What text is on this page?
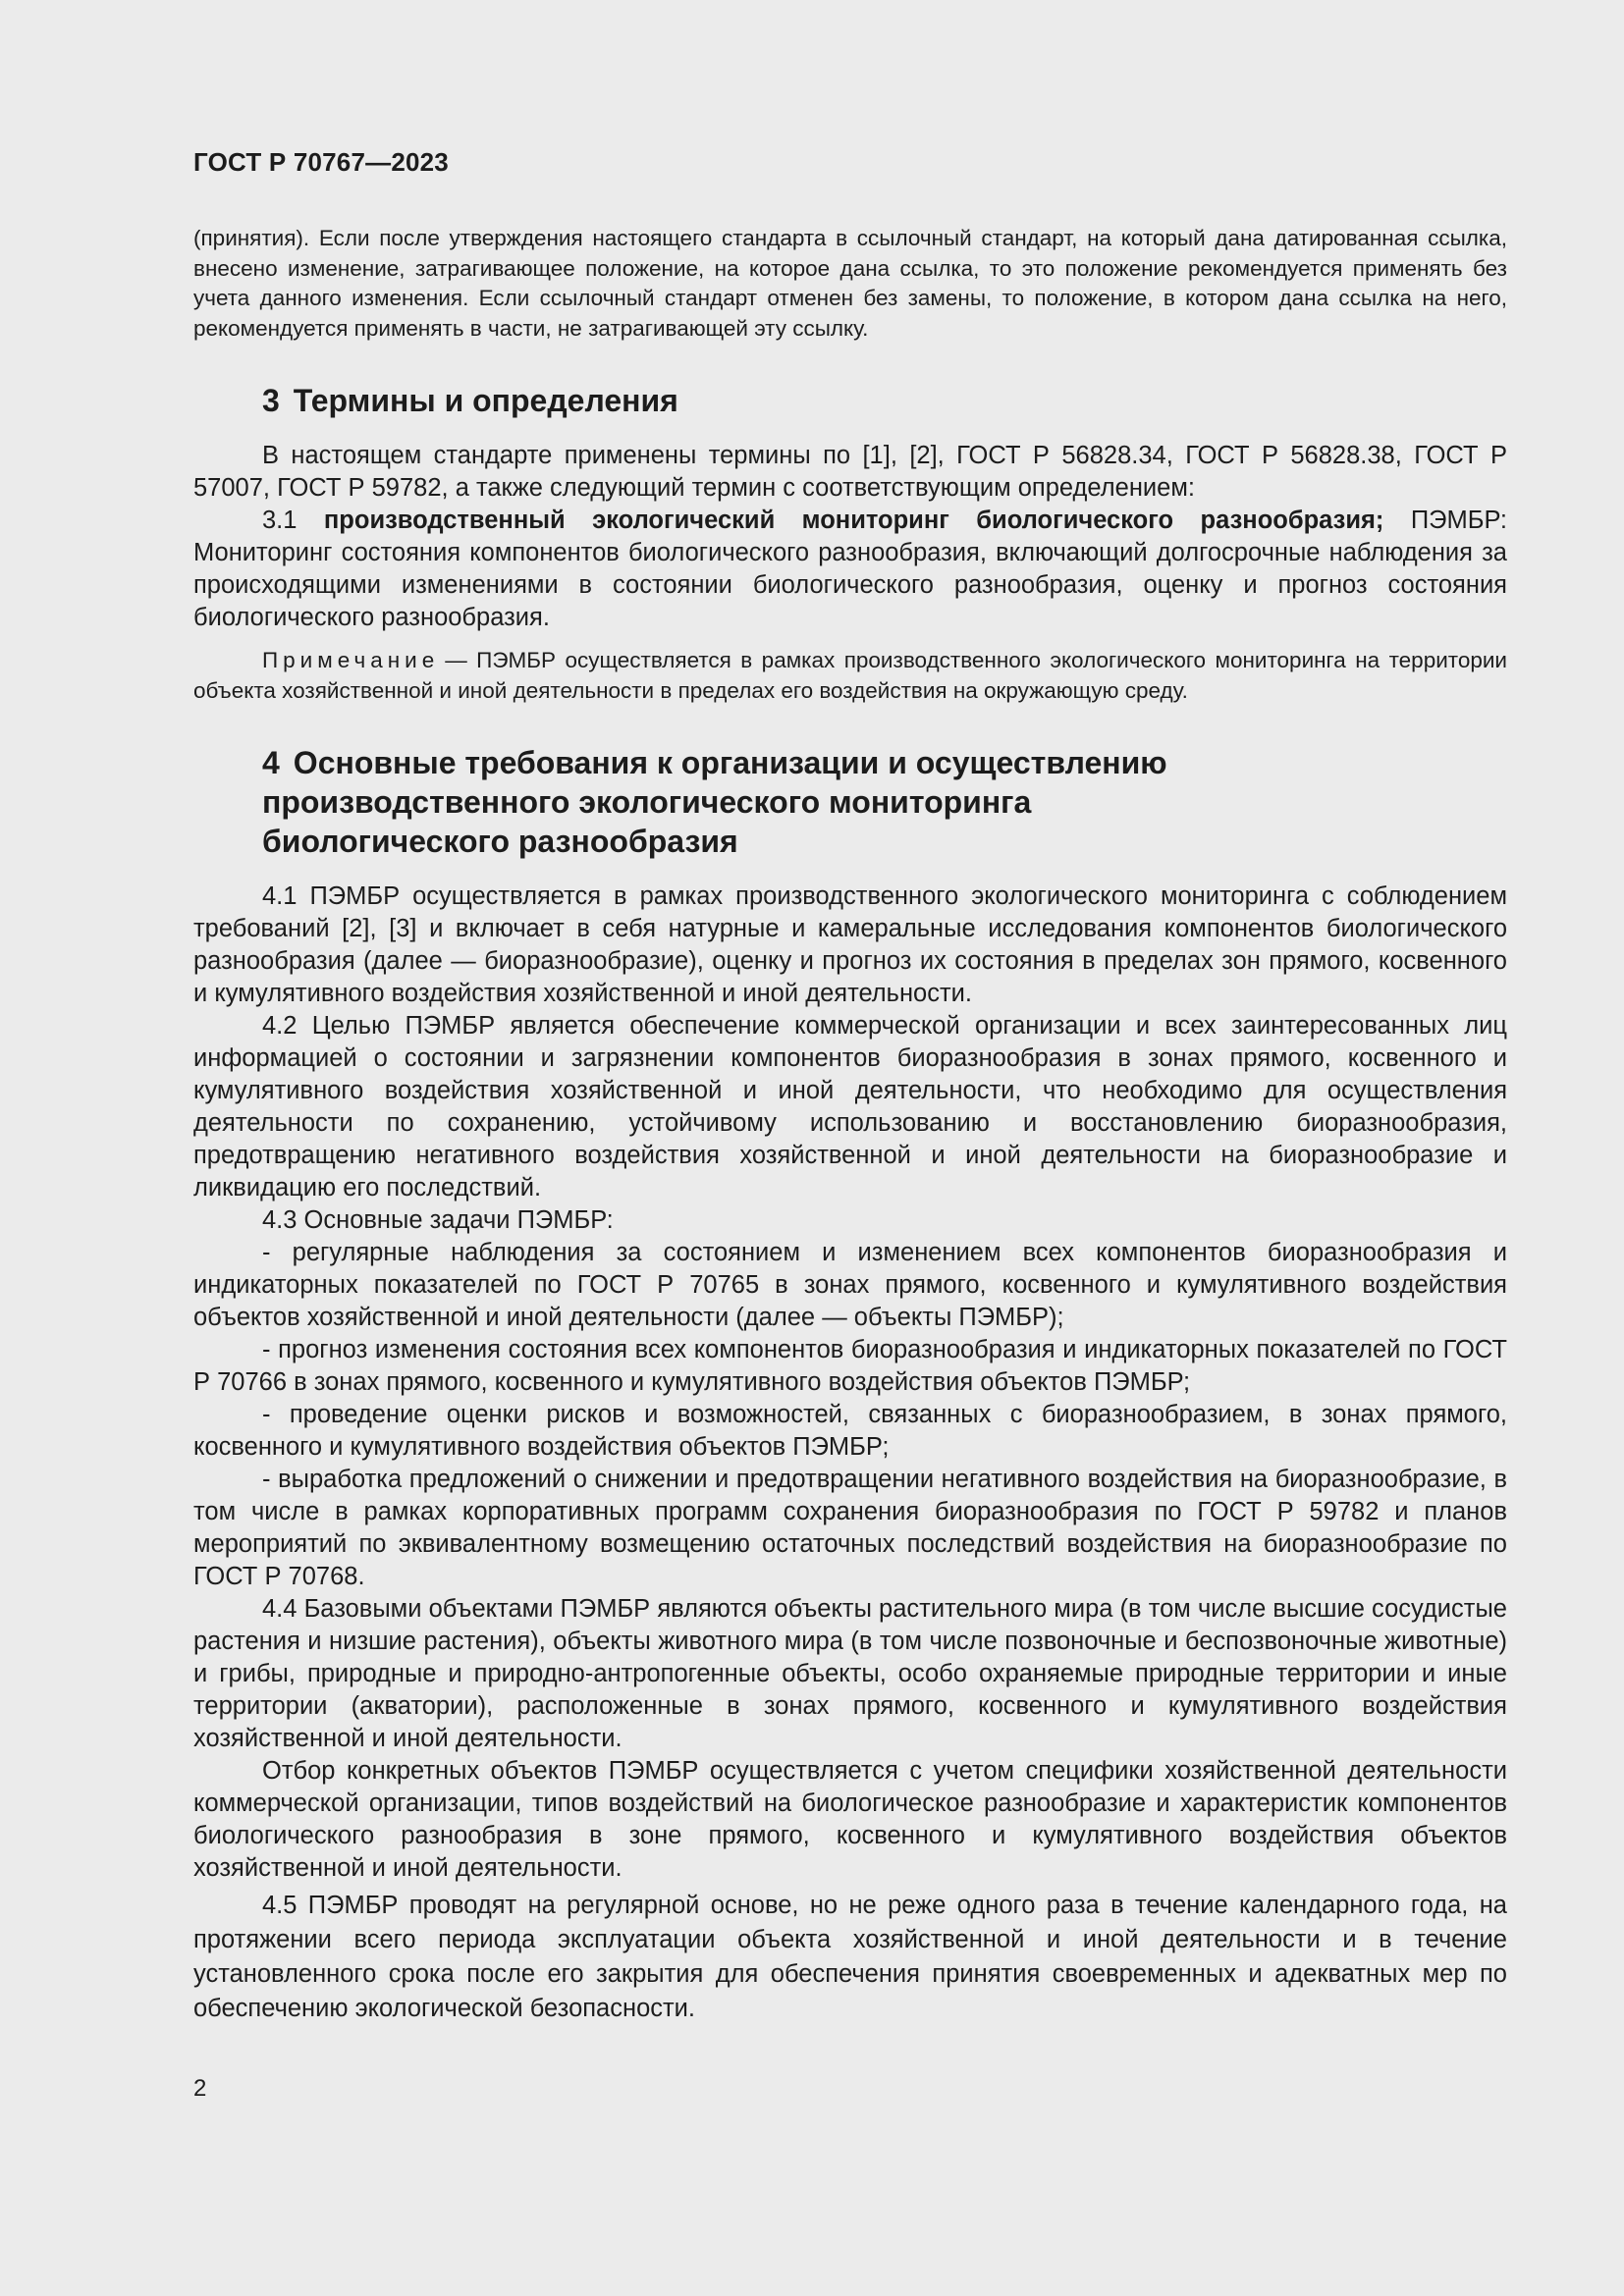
ГОСТ Р 70767—2023

(принятия). Если после утверждения настоящего стандарта в ссылочный стандарт, на который дана датированная ссылка, внесено изменение, затрагивающее положение, на которое дана ссылка, то это положение рекомендуется применять без учета данного изменения. Если ссылочный стандарт отменен без замены, то положение, в котором дана ссылка на него, рекомендуется применять в части, не затрагивающей эту ссылку.

3 Термины и определения

В настоящем стандарте применены термины по [1], [2], ГОСТ Р 56828.34, ГОСТ Р 56828.38, ГОСТ Р 57007, ГОСТ Р 59782, а также следующий термин с соответствующим определением:

3.1 производственный экологический мониторинг биологического разнообразия; ПЭМБР: Мониторинг состояния компонентов биологического разнообразия, включающий долгосрочные наблюдения за происходящими изменениями в состоянии биологического разнообразия, оценку и прогноз состояния биологического разнообразия.

Примечание — ПЭМБР осуществляется в рамках производственного экологического мониторинга на территории объекта хозяйственной и иной деятельности в пределах его воздействия на окружающую среду.

4 Основные требования к организации и осуществлению
производственного экологического мониторинга
биологического разнообразия

4.1 ПЭМБР осуществляется в рамках производственного экологического мониторинга с соблюдением требований [2], [3] и включает в себя натурные и камеральные исследования компонентов биологического разнообразия (далее — биоразнообразие), оценку и прогноз их состояния в пределах зон прямого, косвенного и кумулятивного воздействия хозяйственной и иной деятельности.

4.2 Целью ПЭМБР является обеспечение коммерческой организации и всех заинтересованных лиц информацией о состоянии и загрязнении компонентов биоразнообразия в зонах прямого, косвенного и кумулятивного воздействия хозяйственной и иной деятельности, что необходимо для осуществления деятельности по сохранению, устойчивому использованию и восстановлению биоразнообразия, предотвращению негативного воздействия хозяйственной и иной деятельности на биоразнообразие и ликвидацию его последствий.

4.3 Основные задачи ПЭМБР:

- регулярные наблюдения за состоянием и изменением всех компонентов биоразнообразия и индикаторных показателей по ГОСТ Р 70765 в зонах прямого, косвенного и кумулятивного воздействия объектов хозяйственной и иной деятельности (далее — объекты ПЭМБР);

- прогноз изменения состояния всех компонентов биоразнообразия и индикаторных показателей по ГОСТ Р 70766 в зонах прямого, косвенного и кумулятивного воздействия объектов ПЭМБР;

- проведение оценки рисков и возможностей, связанных с биоразнообразием, в зонах прямого, косвенного и кумулятивного воздействия объектов ПЭМБР;

- выработка предложений о снижении и предотвращении негативного воздействия на биоразнообразие, в том числе в рамках корпоративных программ сохранения биоразнообразия по ГОСТ Р 59782 и планов мероприятий по эквивалентному возмещению остаточных последствий воздействия на биоразнообразие по ГОСТ Р 70768.

4.4 Базовыми объектами ПЭМБР являются объекты растительного мира (в том числе высшие сосудистые растения и низшие растения), объекты животного мира (в том числе позвоночные и беспозвоночные животные) и грибы, природные и природно-антропогенные объекты, особо охраняемые природные территории и иные территории (акватории), расположенные в зонах прямого, косвенного и кумулятивного воздействия хозяйственной и иной деятельности.

Отбор конкретных объектов ПЭМБР осуществляется с учетом специфики хозяйственной деятельности коммерческой организации, типов воздействий на биологическое разнообразие и характеристик компонентов биологического разнообразия в зоне прямого, косвенного и кумулятивного воздействия объектов хозяйственной и иной деятельности.

4.5 ПЭМБР проводят на регулярной основе, но не реже одного раза в течение календарного года, на протяжении всего периода эксплуатации объекта хозяйственной и иной деятельности и в течение установленного срока после его закрытия для обеспечения принятия своевременных и адекватных мер по обеспечению экологической безопасности.

2
